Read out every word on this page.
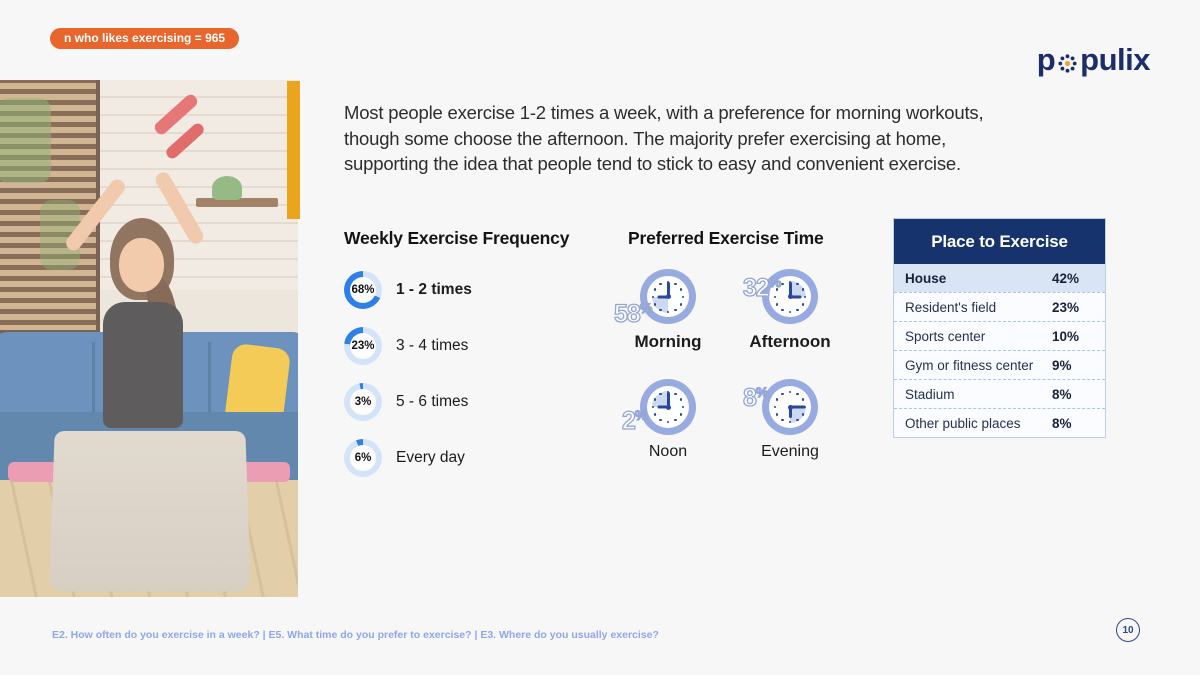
n who likes exercising = 965
p pulix
Most people exercise 1-2 times a week, with a preference for morning workouts, though some choose the afternoon. The majority prefer exercising at home, supporting the idea that people tend to stick to easy and convenient exercise.
Weekly Exercise Frequency
68% 1 - 2 times
23% 3 - 4 times
3%	5 - 6 times
6%	Every day
Preferred Exercise Time
58%
Morning
32%
Afternoon
2%
Noon
8%
Evening
Place to Exercise
House	42%
Resident's field	23%
Sports center	10%
Gym or fitness center	9%
Stadium	8%
Other public places	8%
E2. How often do you exercise in a week? | E5. What time do you prefer to exercise? | E3. Where do you usually exercise?	10
